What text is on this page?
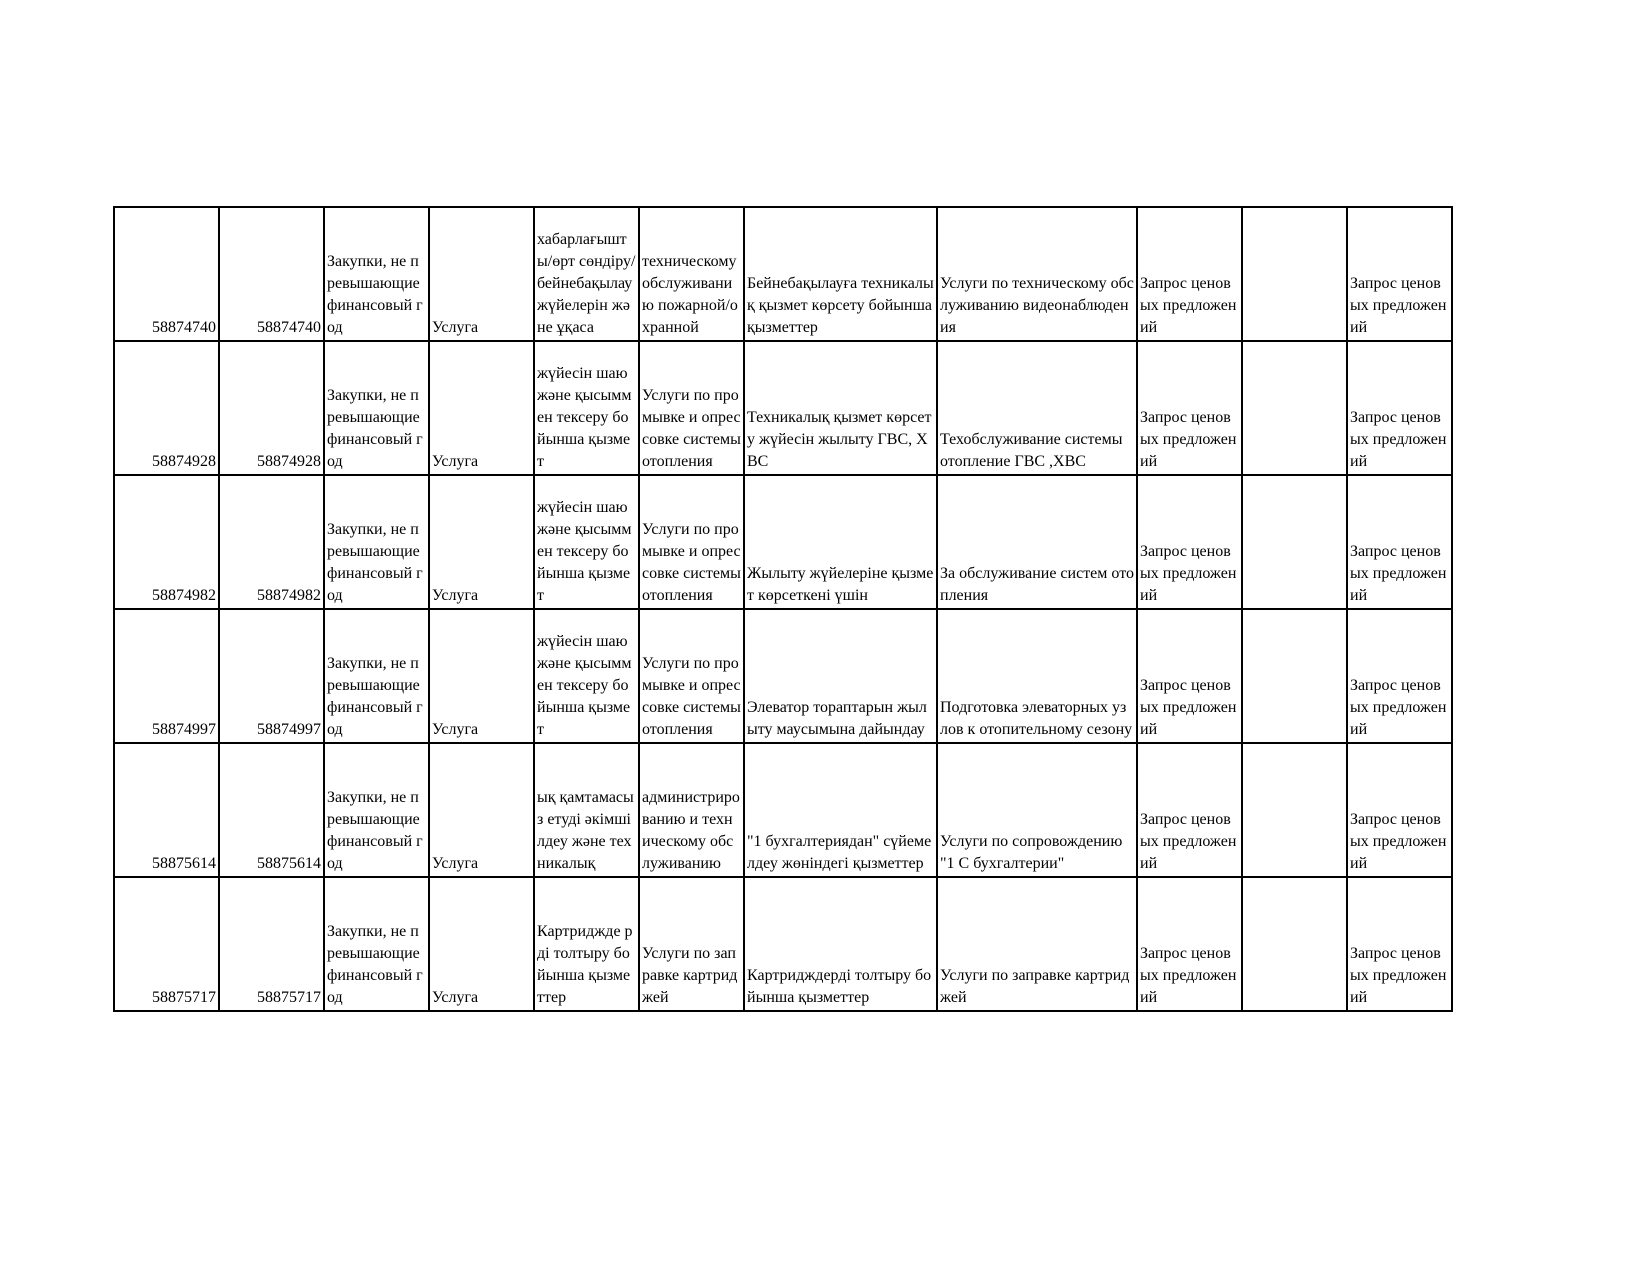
58874740	58874740	Закупки, не превышающие финансовый год	Услуга	хабарлағышты/өрт сөндіру/бейнебақылау жүйелерін және ұқаса	техническому обслуживанию пожарной/охранной	Бейнебақылауға техникалық қызмет көрсету бойынша қызметтер	Услуги по техническому обслуживанию видеонаблюдения	Запрос ценовых предложений		Запрос ценовых предложений

58874928	58874928	Закупки, не превышающие финансовый год	Услуга	жүйесін шаю және қысыммен тексеру бойынша қызмет	Услуги по промывке и опрессовке системы отопления	Техникалық қызмет көрсету жүйесін жылыту ГВС, ХВС	Техобслуживание системы отопление ГВС ,ХВС	Запрос ценовых предложений		Запрос ценовых предложений

58874982	58874982	Закупки, не превышающие финансовый год	Услуга	жүйесін шаю және қысыммен тексеру бойынша қызмет	Услуги по промывке и опрессовке системы отопления	Жылыту жүйелеріне қызмет көрсеткені үшін	За обслуживание систем отопления	Запрос ценовых предложений		Запрос ценовых предложений

58874997	58874997	Закупки, не превышающие финансовый год	Услуга	жүйесін шаю және қысыммен тексеру бойынша қызмет	Услуги по промывке и опрессовке системы отопления	Элеватор тораптарын жылыту маусымына дайындау	Подготовка элеваторных узлов к отопительному сезону	Запрос ценовых предложений		Запрос ценовых предложений

58875614	58875614	Закупки, не превышающие финансовый год	Услуга	ық қамтамасыз етуді әкімшілдеу және техникалық	администрированию и техническому обслуживанию	"1 бухгалтериядан" сүйемелдеу жөніндегі қызметтер	Услуги по сопровождению "1 С бухгалтерии"	Запрос ценовых предложений		Запрос ценовых предложений

58875717	58875717	Закупки, не превышающие финансовый год	Услуга	Картриджде рді толтыру бойынша қызметтер	Услуги по заправке картриджей	Картридждерді толтыру бойынша қызметтер	Услуги по заправке картриджей	Запрос ценовых предложений		Запрос ценовых предложений
